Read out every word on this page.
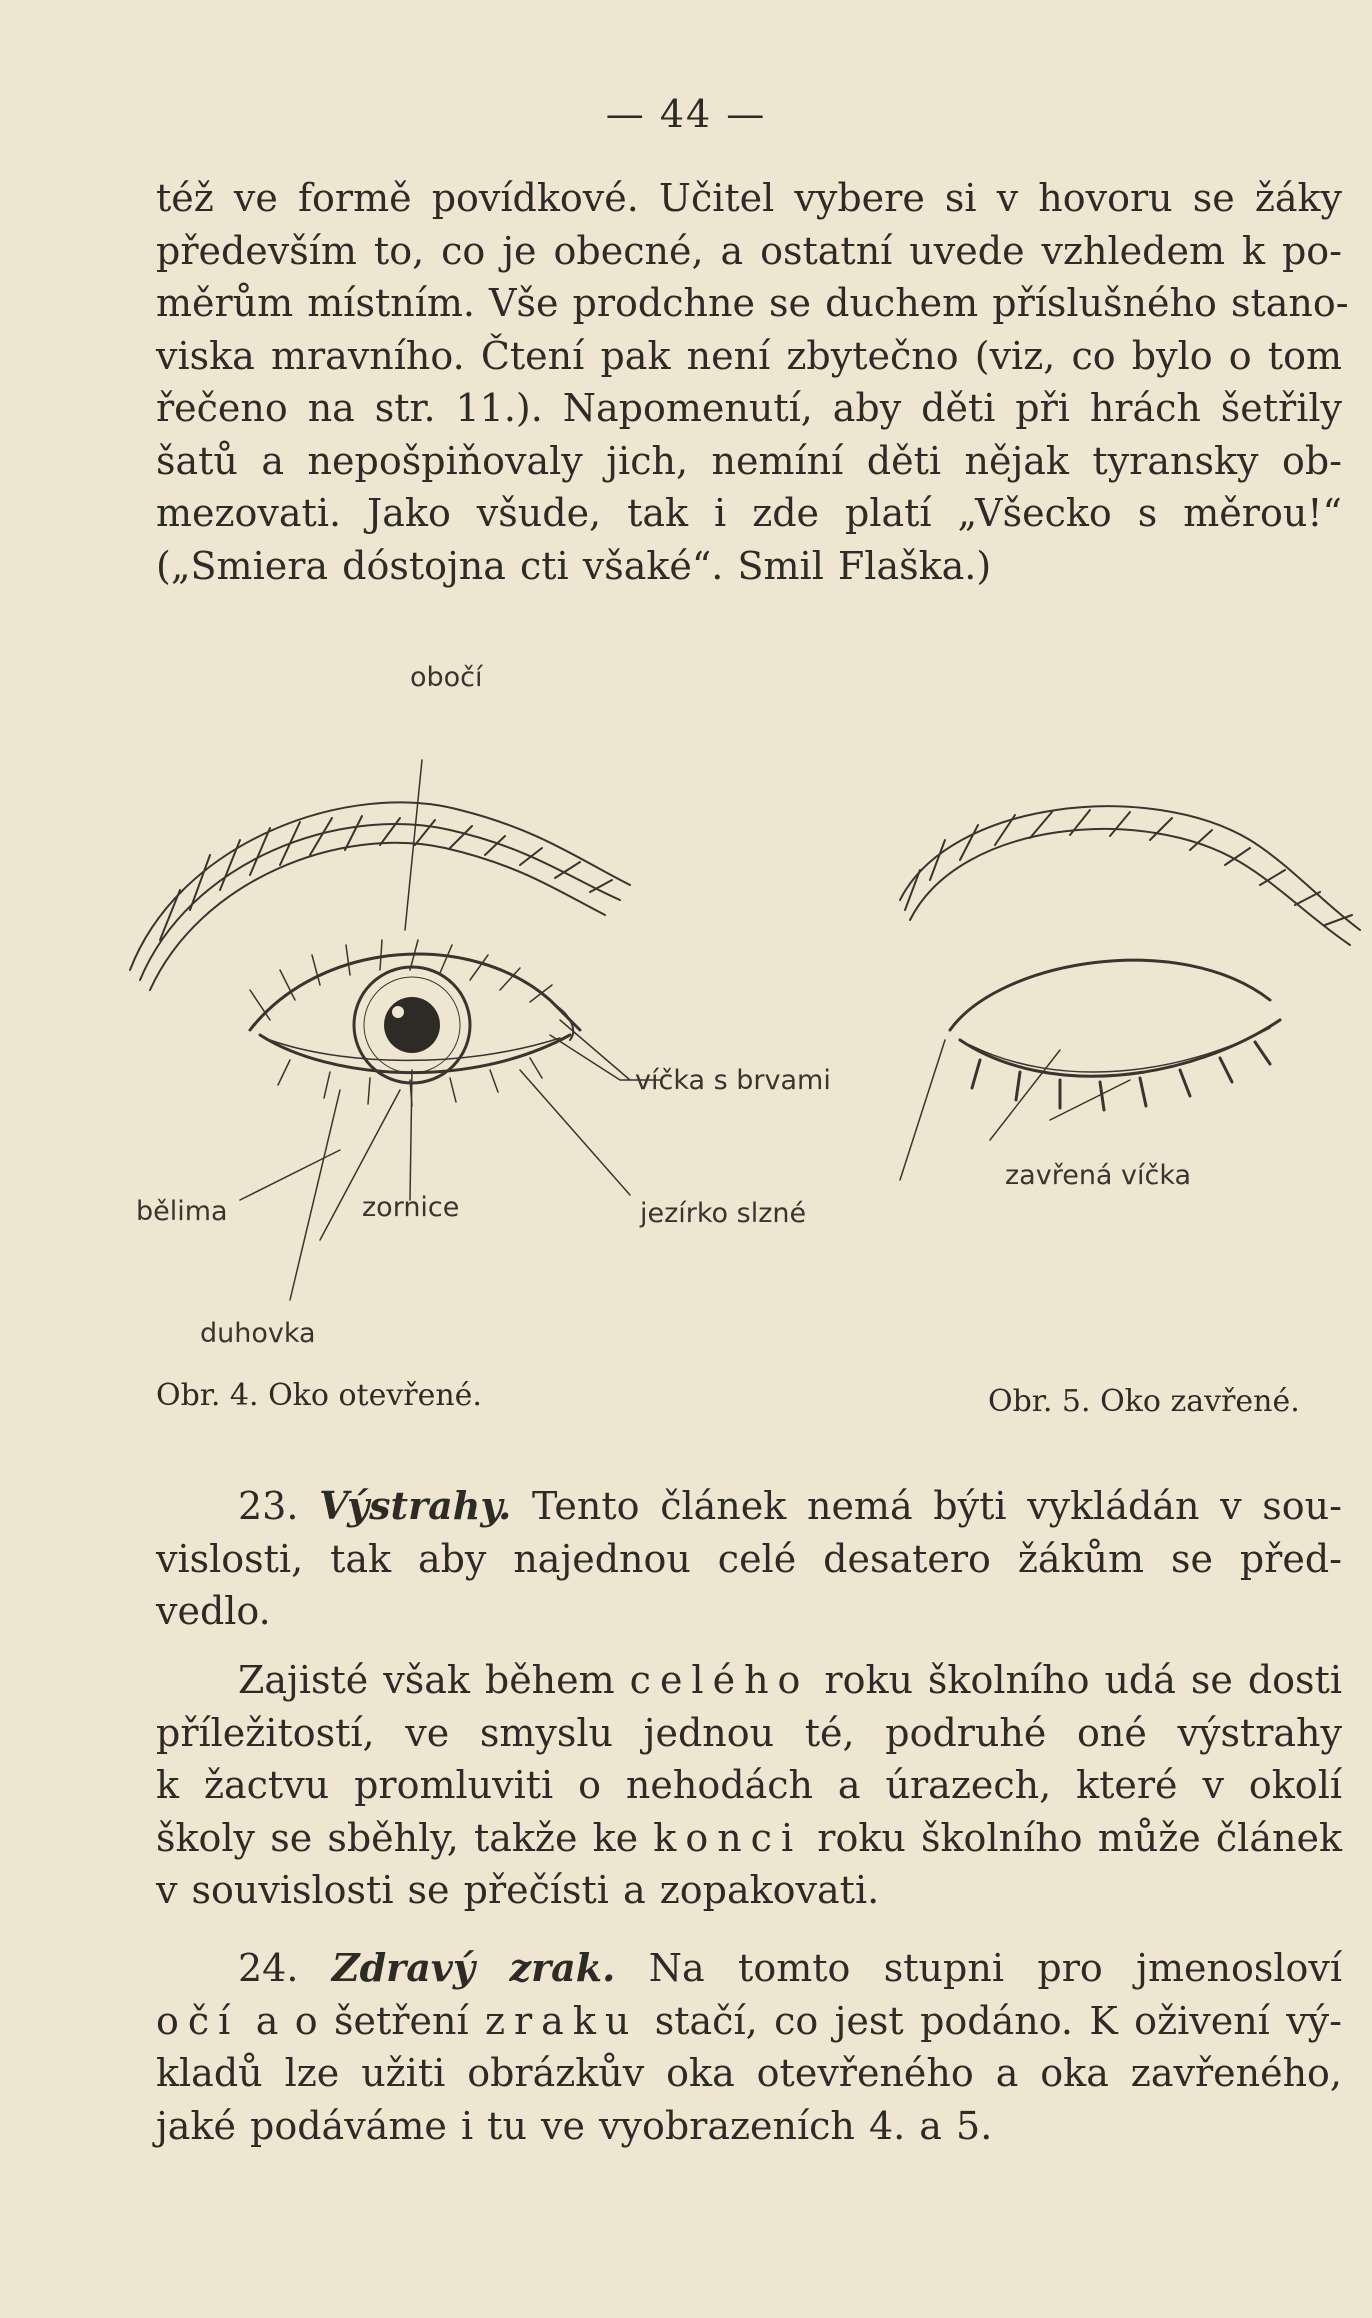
— 44 —
též ve formě povídkové. Učitel vybere si v hovoru se žáky
především to, co je obecné, a ostatní uvede vzhledem k po-
měrům místním. Vše prodchne se duchem příslušného stano-
viska mravního. Čtení pak není zbytečno (viz, co bylo o tom
řečeno na str. 11.). Napomenutí, aby děti při hrách šetřily
šatů a nepošpiňovaly jich, nemíní děti nějak tyransky ob-
mezovati. Jako všude, tak i zde platí „Všecko s měrou!“
(„Smiera dóstojna cti všaké“. Smil Flaška.)
obočí
víčka s brvami
bělima	zornice	jezírko slzné
duhovka
zavřená víčka
Obr. 4. Oko otevřené.	Obr. 5. Oko zavřené.
23. Výstrahy. Tento článek nemá býti vykládán v sou-
vislosti, tak aby najednou celé desatero žákům se před-
vedlo.
Zajisté však během celého roku školního udá se dosti
příležitostí, ve smyslu jednou té, podruhé oné výstrahy
k žactvu promluviti o nehodách a úrazech, které v okolí
školy se sběhly, takže ke konci roku školního může článek
v souvislosti se přečísti a zopakovati.
24. Zdravý zrak. Na tomto stupni pro jmenosloví
očí a o šetření zraku stačí, co jest podáno. K oživení vý-
kladů lze užiti obrázkův oka otevřeného a oka zavřeného,
jaké podáváme i tu ve vyobrazeních 4. a 5.
